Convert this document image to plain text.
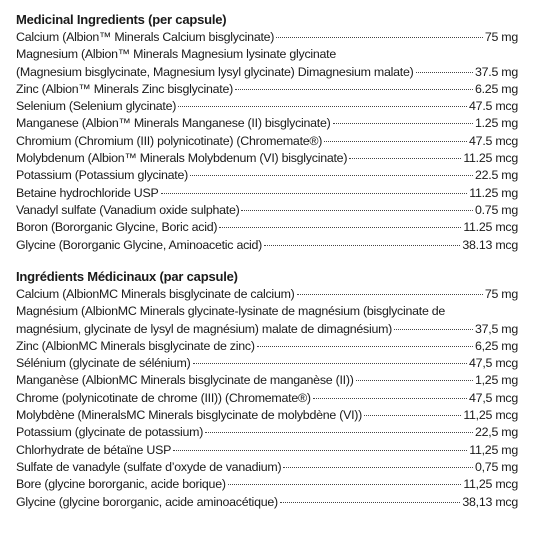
Medicinal Ingredients (per capsule)
Calcium (Albion™ Minerals Calcium bisglycinate)	75 mg
Magnesium (Albion™ Minerals Magnesium lysinate glycinate
(Magnesium bisglycinate, Magnesium lysyl glycinate) Dimagnesium malate)	37.5 mg
Zinc (Albion™ Minerals Zinc bisglycinate)	6.25 mg
Selenium (Selenium glycinate)	47.5 mcg
Manganese (Albion™ Minerals Manganese (II) bisglycinate)	1.25 mg
Chromium (Chromium (III) polynicotinate) (Chromemate®)	47.5 mcg
Molybdenum (Albion™ Minerals Molybdenum (VI) bisglycinate)	11.25 mcg
Potassium (Potassium glycinate)	22.5 mg
Betaine hydrochloride USP	11.25 mg
Vanadyl sulfate (Vanadium oxide sulphate)	0.75 mg
Boron (Bororganic Glycine, Boric acid)	11.25 mcg
Glycine (Bororganic Glycine, Aminoacetic acid)	38.13 mcg
Ingrédients Médicinaux (par capsule)
Calcium (AlbionMC Minerals bisglycinate de calcium)	75 mg
Magnésium (AlbionMC Minerals glycinate-lysinate de magnésium (bisglycinate de
magnésium, glycinate de lysyl de magnésium) malate de dimagnésium)	37,5 mg
Zinc (AlbionMC Minerals bisglycinate de zinc)	6,25 mg
Sélénium (glycinate de sélénium)	47,5 mcg
Manganèse (AlbionMC Minerals bisglycinate de manganèse (II))	1,25 mg
Chrome (polynicotinate de chrome (III)) (Chromemate®)	47,5 mcg
Molybdène (MineralsMC Minerals bisglycinate de molybdène (VI))	11,25 mcg
Potassium (glycinate de potassium)	22,5 mg
Chlorhydrate de bétaïne USP	11,25 mg
Sulfate de vanadyle (sulfate d’oxyde de vanadium)	0,75 mg
Bore (glycine bororganic, acide borique)	11,25 mcg
Glycine (glycine bororganic, acide aminoacétique)	38,13 mcg
